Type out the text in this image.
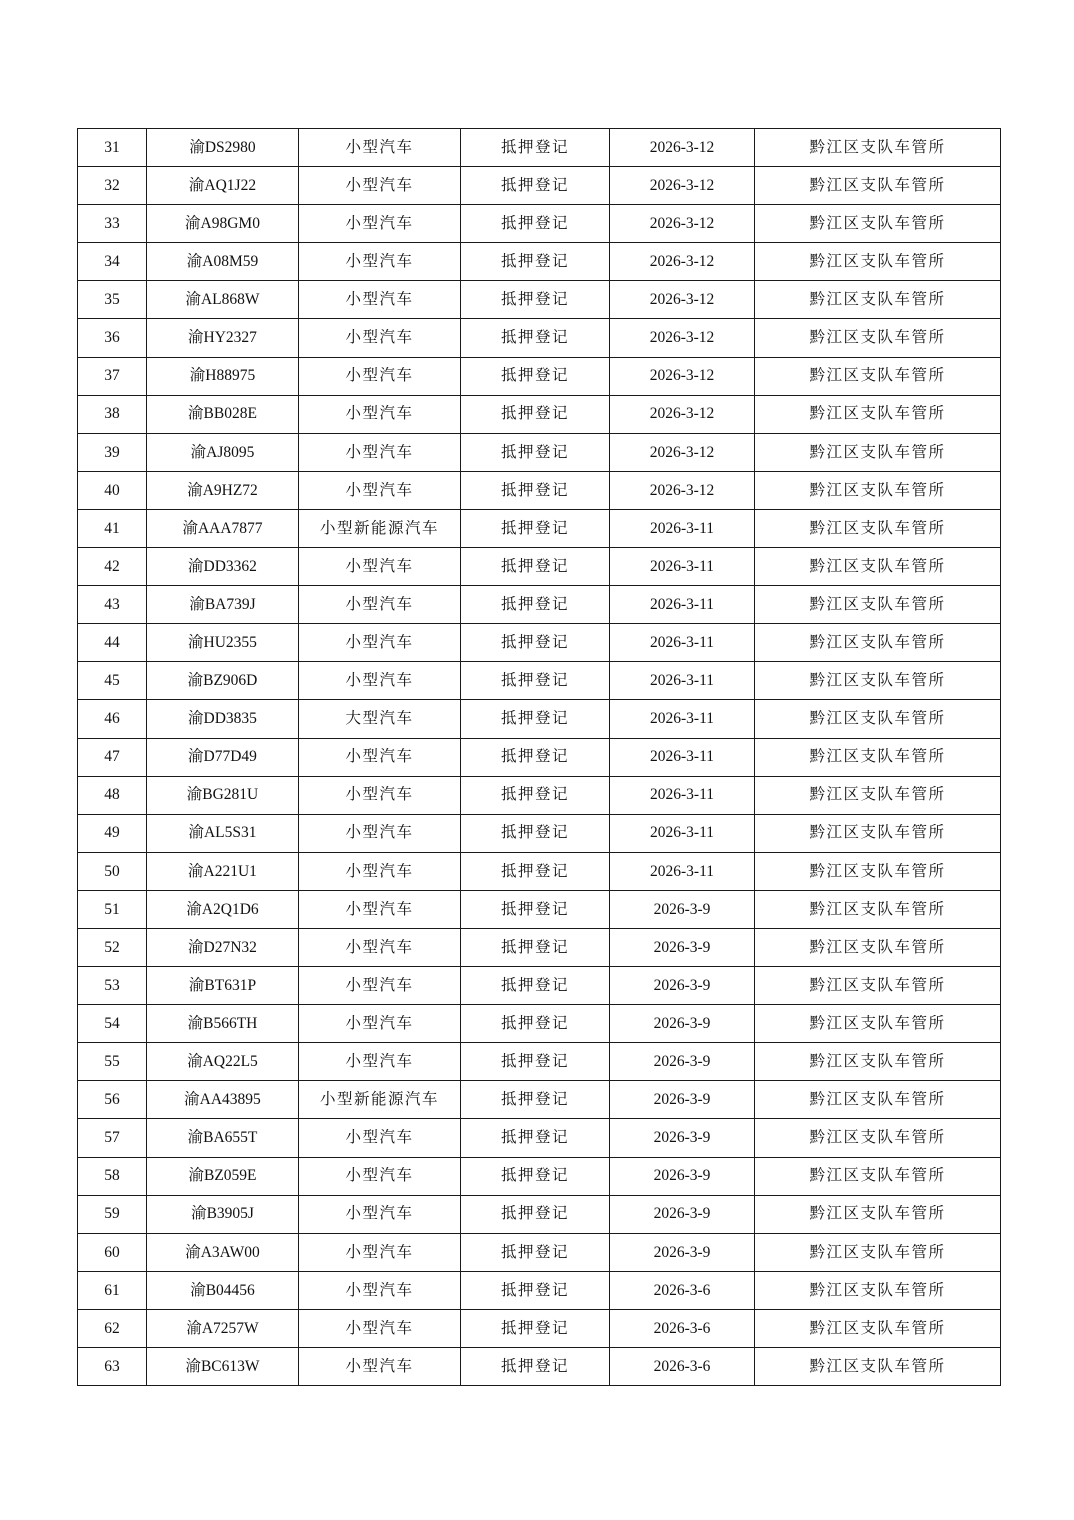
31	渝DS2980	小型汽车	抵押登记	2026-3-12	黔江区支队车管所
32	渝AQ1J22	小型汽车	抵押登记	2026-3-12	黔江区支队车管所
33	渝A98GM0	小型汽车	抵押登记	2026-3-12	黔江区支队车管所
34	渝A08M59	小型汽车	抵押登记	2026-3-12	黔江区支队车管所
35	渝AL868W	小型汽车	抵押登记	2026-3-12	黔江区支队车管所
36	渝HY2327	小型汽车	抵押登记	2026-3-12	黔江区支队车管所
37	渝H88975	小型汽车	抵押登记	2026-3-12	黔江区支队车管所
38	渝BB028E	小型汽车	抵押登记	2026-3-12	黔江区支队车管所
39	渝AJ8095	小型汽车	抵押登记	2026-3-12	黔江区支队车管所
40	渝A9HZ72	小型汽车	抵押登记	2026-3-12	黔江区支队车管所
41	渝AAA7877	小型新能源汽车	抵押登记	2026-3-11	黔江区支队车管所
42	渝DD3362	小型汽车	抵押登记	2026-3-11	黔江区支队车管所
43	渝BA739J	小型汽车	抵押登记	2026-3-11	黔江区支队车管所
44	渝HU2355	小型汽车	抵押登记	2026-3-11	黔江区支队车管所
45	渝BZ906D	小型汽车	抵押登记	2026-3-11	黔江区支队车管所
46	渝DD3835	大型汽车	抵押登记	2026-3-11	黔江区支队车管所
47	渝D77D49	小型汽车	抵押登记	2026-3-11	黔江区支队车管所
48	渝BG281U	小型汽车	抵押登记	2026-3-11	黔江区支队车管所
49	渝AL5S31	小型汽车	抵押登记	2026-3-11	黔江区支队车管所
50	渝A221U1	小型汽车	抵押登记	2026-3-11	黔江区支队车管所
51	渝A2Q1D6	小型汽车	抵押登记	2026-3-9	黔江区支队车管所
52	渝D27N32	小型汽车	抵押登记	2026-3-9	黔江区支队车管所
53	渝BT631P	小型汽车	抵押登记	2026-3-9	黔江区支队车管所
54	渝B566TH	小型汽车	抵押登记	2026-3-9	黔江区支队车管所
55	渝AQ22L5	小型汽车	抵押登记	2026-3-9	黔江区支队车管所
56	渝AA43895	小型新能源汽车	抵押登记	2026-3-9	黔江区支队车管所
57	渝BA655T	小型汽车	抵押登记	2026-3-9	黔江区支队车管所
58	渝BZ059E	小型汽车	抵押登记	2026-3-9	黔江区支队车管所
59	渝B3905J	小型汽车	抵押登记	2026-3-9	黔江区支队车管所
60	渝A3AW00	小型汽车	抵押登记	2026-3-9	黔江区支队车管所
61	渝B04456	小型汽车	抵押登记	2026-3-6	黔江区支队车管所
62	渝A7257W	小型汽车	抵押登记	2026-3-6	黔江区支队车管所
63	渝BC613W	小型汽车	抵押登记	2026-3-6	黔江区支队车管所
